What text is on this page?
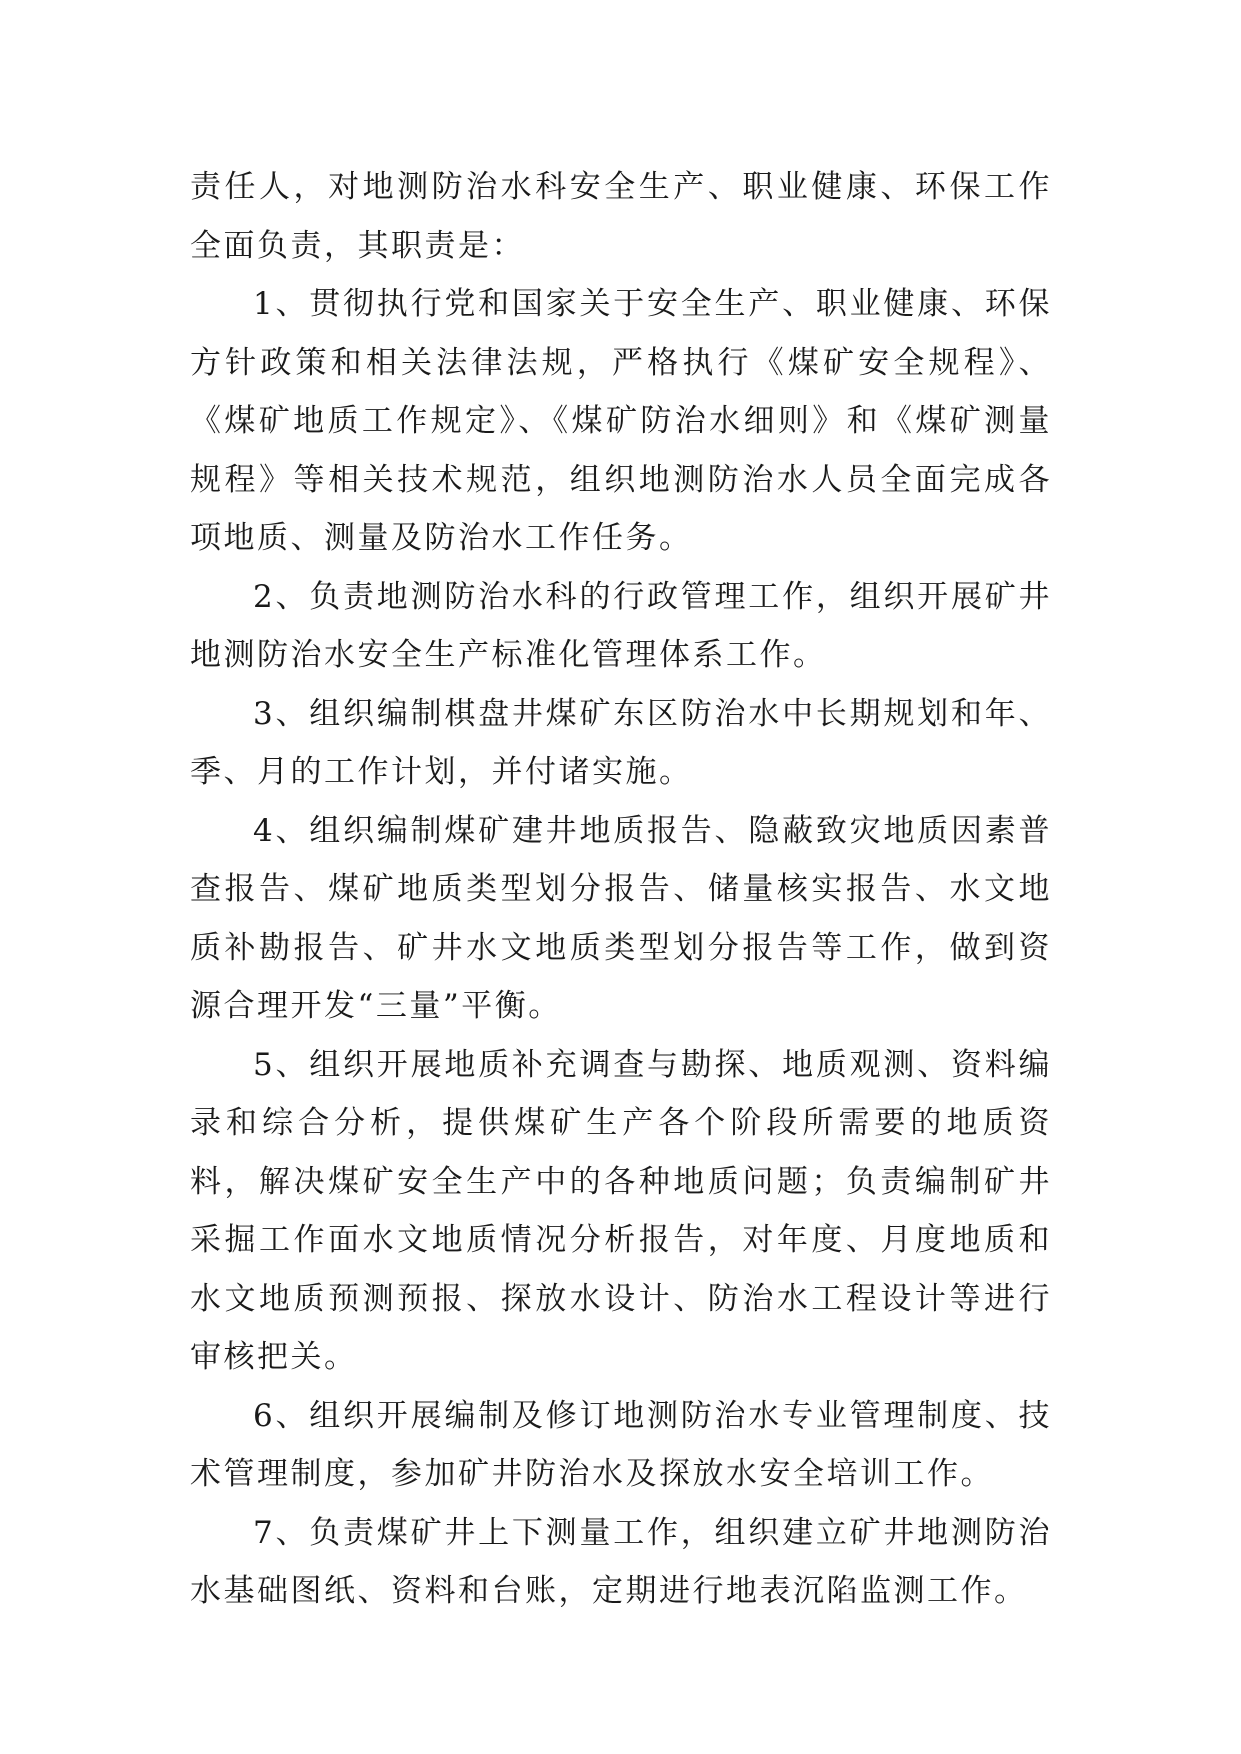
责任人，对地测防治水科安全生产、职业健康、环保工作全面负责，其职责是：

1、贯彻执行党和国家关于安全生产、职业健康、环保方针政策和相关法律法规，严格执行《煤矿安全规程》、《煤矿地质工作规定》、《煤矿防治水细则》和《煤矿测量规程》等相关技术规范，组织地测防治水人员全面完成各项地质、测量及防治水工作任务。

2、负责地测防治水科的行政管理工作，组织开展矿井地测防治水安全生产标准化管理体系工作。

3、组织编制棋盘井煤矿东区防治水中长期规划和年、季、月的工作计划，并付诸实施。

4、组织编制煤矿建井地质报告、隐蔽致灾地质因素普查报告、煤矿地质类型划分报告、储量核实报告、水文地质补勘报告、矿井水文地质类型划分报告等工作，做到资源合理开发“三量”平衡。

5、组织开展地质补充调查与勘探、地质观测、资料编录和综合分析，提供煤矿生产各个阶段所需要的地质资料，解决煤矿安全生产中的各种地质问题；负责编制矿井采掘工作面水文地质情况分析报告，对年度、月度地质和水文地质预测预报、探放水设计、防治水工程设计等进行审核把关。

6、组织开展编制及修订地测防治水专业管理制度、技术管理制度，参加矿井防治水及探放水安全培训工作。

7、负责煤矿井上下测量工作，组织建立矿井地测防治水基础图纸、资料和台账，定期进行地表沉陷监测工作。
